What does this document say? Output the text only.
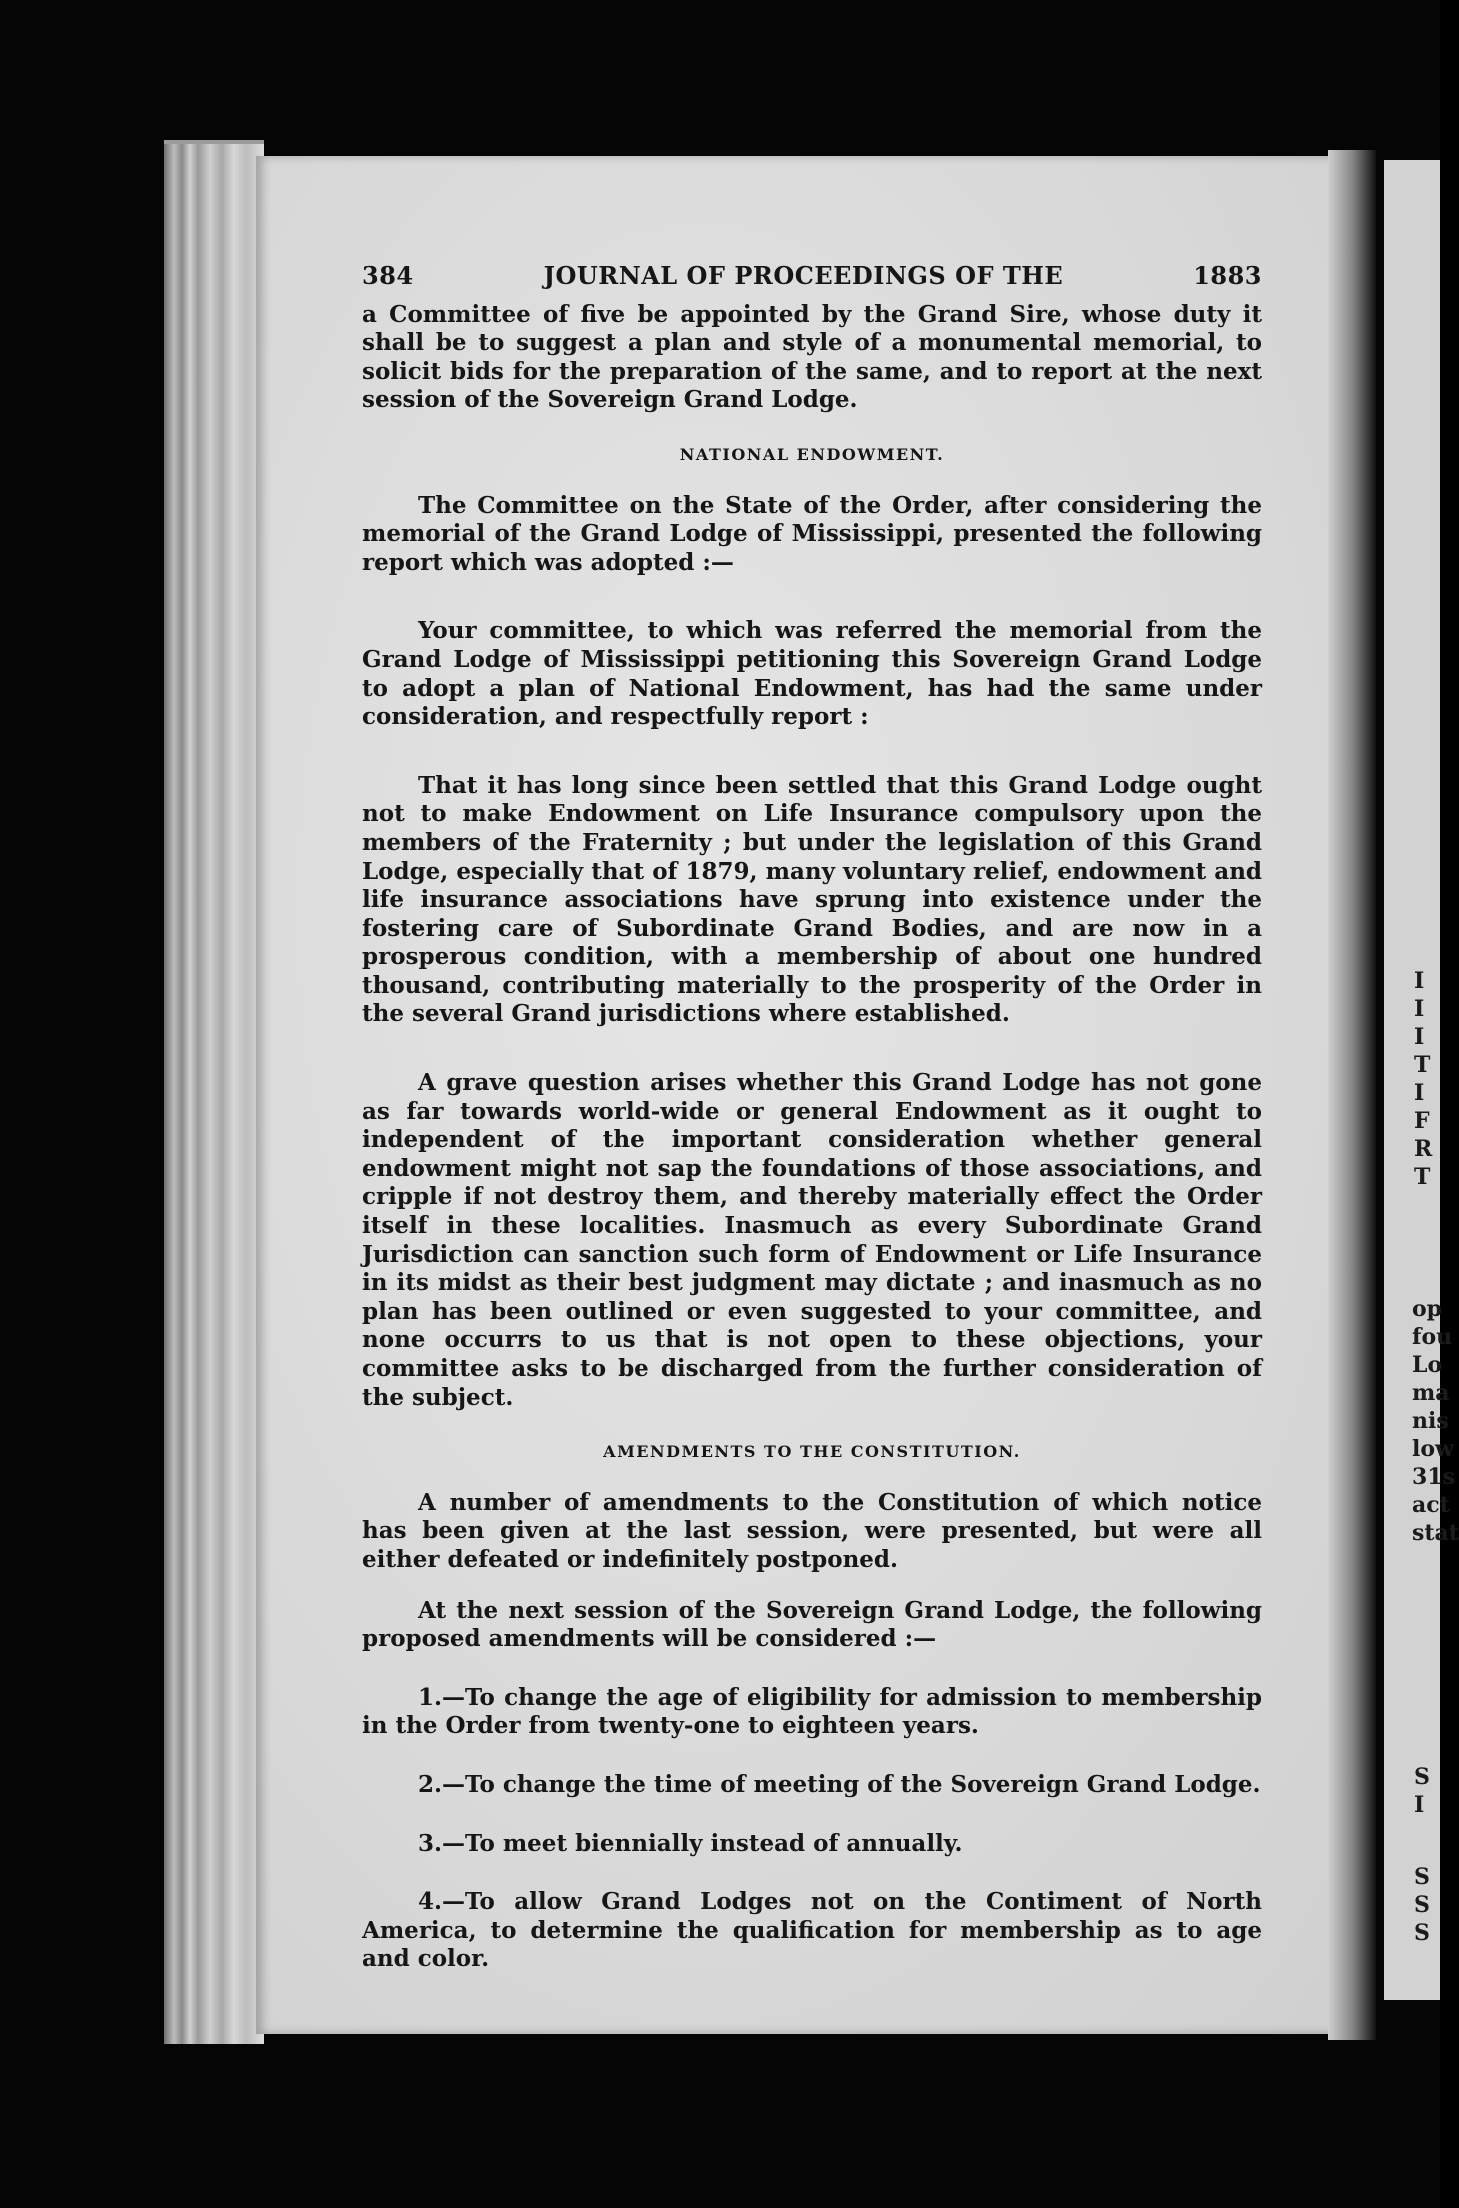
I
I
I
T
I
F
R
T
op
fou
Lo
ma
nis
low
31s
act
stat
S
I
S
S
S
384	JOURNAL OF PROCEEDINGS OF THE	1883

a Committee of five be appointed by the Grand Sire, whose duty it shall be to suggest a plan and style of a monumental memorial, to solicit bids for the preparation of the same, and to report at the next session of the Sovereign Grand Lodge.

NATIONAL ENDOWMENT.

The Committee on the State of the Order, after considering the memorial of the Grand Lodge of Mississippi, presented the following report which was adopted :—

Your committee, to which was referred the memorial from the Grand Lodge of Mississippi petitioning this Sovereign Grand Lodge to adopt a plan of National Endowment, has had the same under consideration, and respectfully report :

That it has long since been settled that this Grand Lodge ought not to make Endowment on Life Insurance compulsory upon the members of the Fraternity ; but under the legislation of this Grand Lodge, especially that of 1879, many voluntary relief, endowment and life insurance associations have sprung into existence under the fostering care of Subordinate Grand Bodies, and are now in a prosperous condition, with a membership of about one hundred thousand, contributing materially to the prosperity of the Order in the several Grand jurisdictions where established.

A grave question arises whether this Grand Lodge has not gone as far towards world-wide or general Endowment as it ought to independent of the important consideration whether general endowment might not sap the foundations of those associations, and cripple if not destroy them, and thereby materially effect the Order itself in these localities. Inasmuch as every Subordinate Grand Jurisdiction can sanction such form of Endowment or Life Insurance in its midst as their best judgment may dictate ; and inasmuch as no plan has been outlined or even suggested to your committee, and none occurrs to us that is not open to these objections, your committee asks to be discharged from the further consideration of the subject.

AMENDMENTS TO THE CONSTITUTION.

A number of amendments to the Constitution of which notice has been given at the last session, were presented, but were all either defeated or indefinitely postponed.

At the next session of the Sovereign Grand Lodge, the following proposed amendments will be considered :—

1.—To change the age of eligibility for admission to membership in the Order from twenty-one to eighteen years.

2.—To change the time of meeting of the Sovereign Grand Lodge.

3.—To meet biennially instead of annually.

4.—To allow Grand Lodges not on the Contiment of North America, to determine the qualification for membership as to age and color.
